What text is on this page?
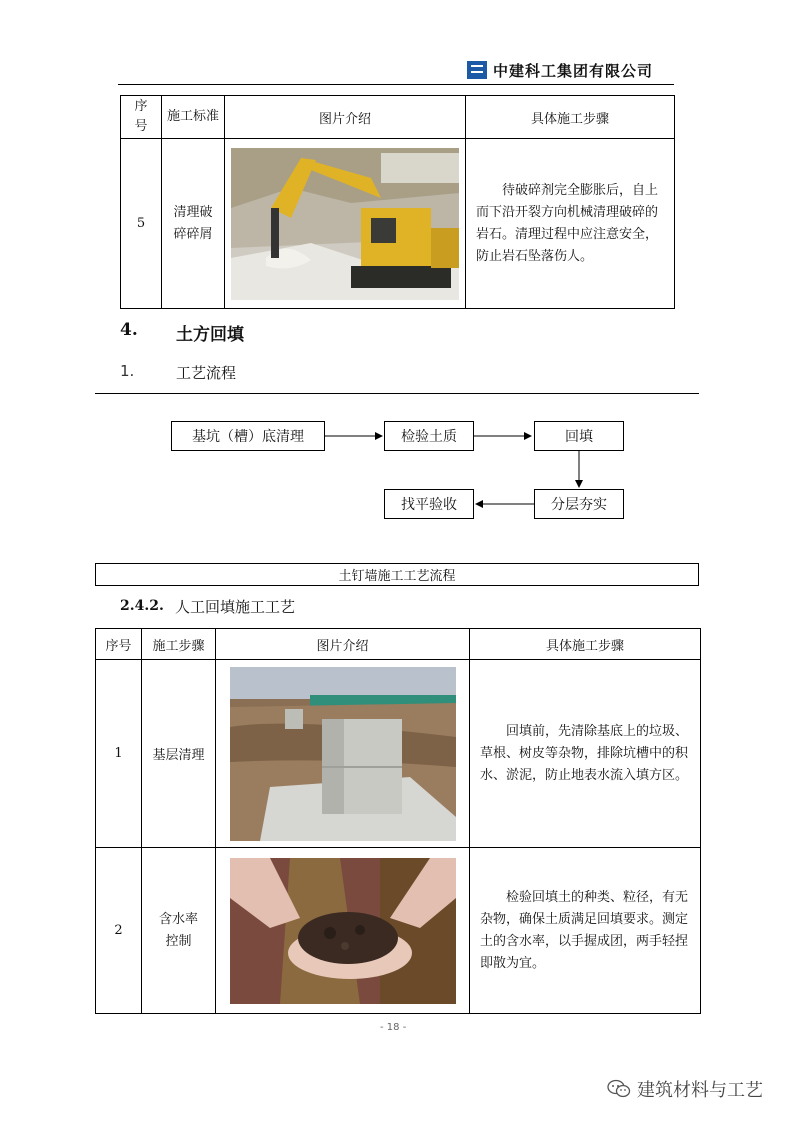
中建科工集团有限公司
序号	施工标准	图片介绍	具体施工步骤
5	清理破碎碎屑		待破碎剂完全膨胀后，自上而下沿开裂方向机械清理破碎的岩石。清理过程中应注意安全，防止岩石坠落伤人。
4. 土方回填
1.	工艺流程
基坑（槽）底清理	检验土质	回填
分层夯实
找平验收
土钉墙施工工艺流程
2.4.2. 人工回填施工工艺
序号	施工步骤	图片介绍	具体施工步骤
1	基层清理		回填前，先清除基底上的垃圾、草根、树皮等杂物，排除坑槽中的积水、淤泥，防止地表水流入填方区。
2	含水率控制		检验回填土的种类、粒径，有无杂物，确保土质满足回填要求。测定土的含水率，以手握成团，两手轻捏即散为宜。
- 18 -
建筑材料与工艺
